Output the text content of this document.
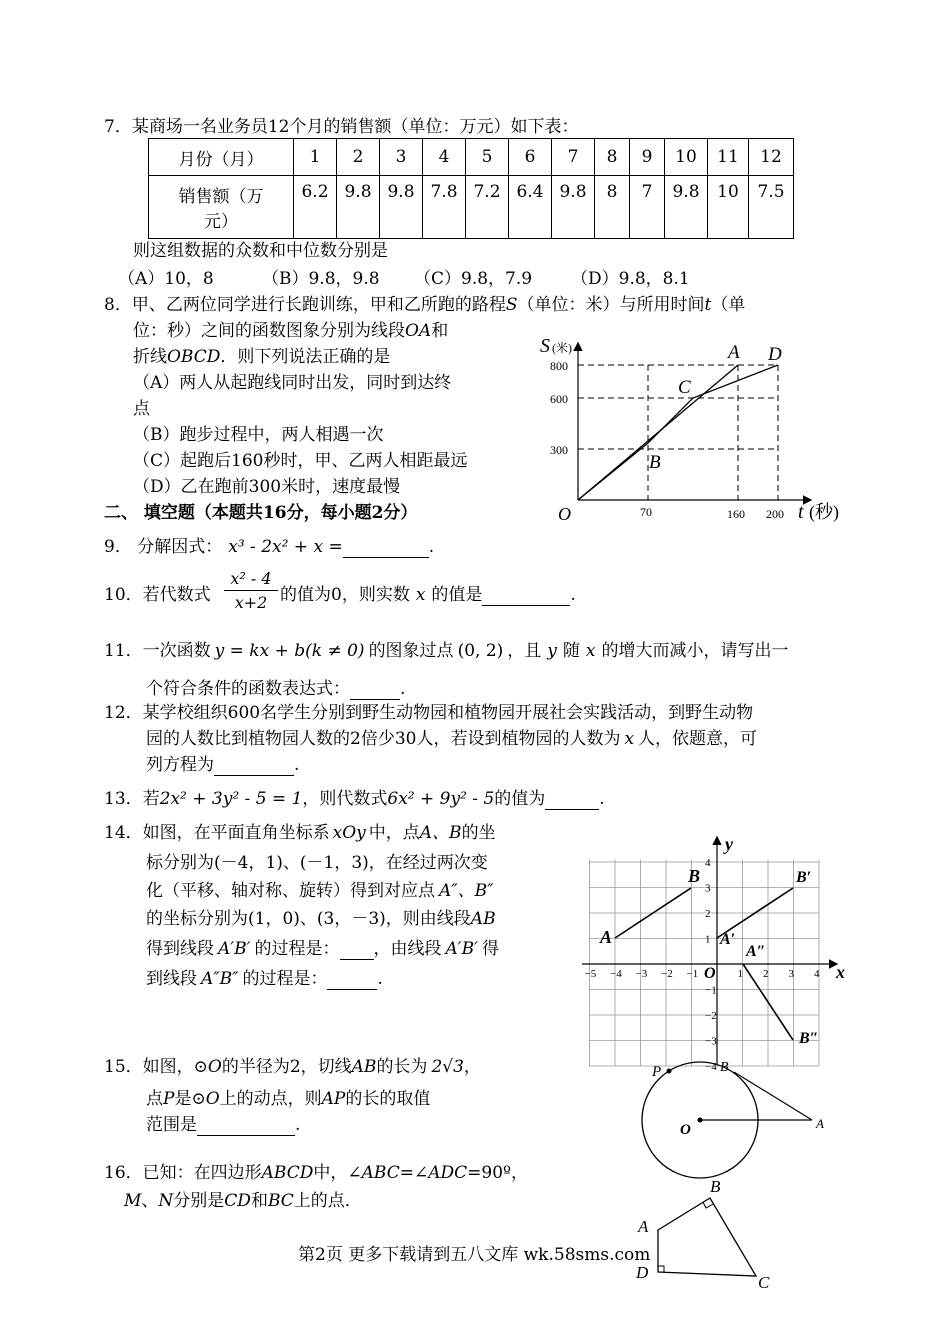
7．某商场一名业务员12个月的销售额（单位：万元）如下表：
月份（月）	1	2	3	4	5	6	7	8	9	10	11	12
销售额（万
元）	6.2	9.8	9.8	7.8	7.2	6.4	9.8	8	7	9.8	10	7.5
则这组数据的众数和中位数分别是
（A）10，8	（B）9.8，9.8 （C）9.8，7.9 （D）9.8，8.1
8．甲、乙两位同学进行长跑训练，甲和乙所跑的路程S（单位：米）与所用时间t（单
位：秒）之间的函数图象分别为线段OA和
折线OBCD．则下列说法正确的是
（A）两人从起跑线同时出发，同时到达终
点
（B）跑步过程中，两人相遇一次
（C）起跑后160秒时，甲、乙两人相距最远
（D）乙在跑前300米时，速度最慢
S (米)
800
600
300
O	70	160 200 t (秒)
A D
C
B
二、 填空题（本题共16分，每小题2分）
9． 分解因式： x³ - 2x² + x =	.
10．若代数式
x² - 4
x+2 的值为0，则实数 x 的值是	.
11．一次函数 y = kx + b(k ≠ 0) 的图象过点 (0, 2) ，且 y 随 x 的增大而减小，请写出一
个符合条件的函数表达式：	.
12．某学校组织600名学生分别到野生动物园和植物园开展社会实践活动，到野生动物
园的人数比到植物园人数的2倍少30人，若设到植物园的人数为 x 人，依题意，可
列方程为	.
13．若2x² + 3y² - 5 = 1，则代数式6x² + 9y² - 5的值为	.
14．如图，在平面直角坐标系 xOy 中，点A、B的坐
标分别为(－4，1)、(－1，3)，在经过两次变
化（平移、轴对称、旋转）得到对应点 A″、B″
的坐标分别为(1，0)、(3，－3)，则由线段AB
得到线段 A′B′ 的过程是： ，由线段 A′B′ 得
到线段 A″B″ 的过程是：	.	−5 −4 −3 −2 −1	1 2 3 4
4
3
2
1
−1
−2
−3
−4
x
y
O
A
B
A′
B′
A″
B″
15．如图，⊙O的半径为2，切线AB的长为 2√3，
点P是⊙O上的动点，则AP的长的取值
范围是	.
P
O
B
A
16．已知：在四边形ABCD中，∠ABC=∠ADC=90º，
M、N分别是CD和BC上的点．
A
B
C
D
第2页 更多下载请到五八文库 wk.58sms.com
